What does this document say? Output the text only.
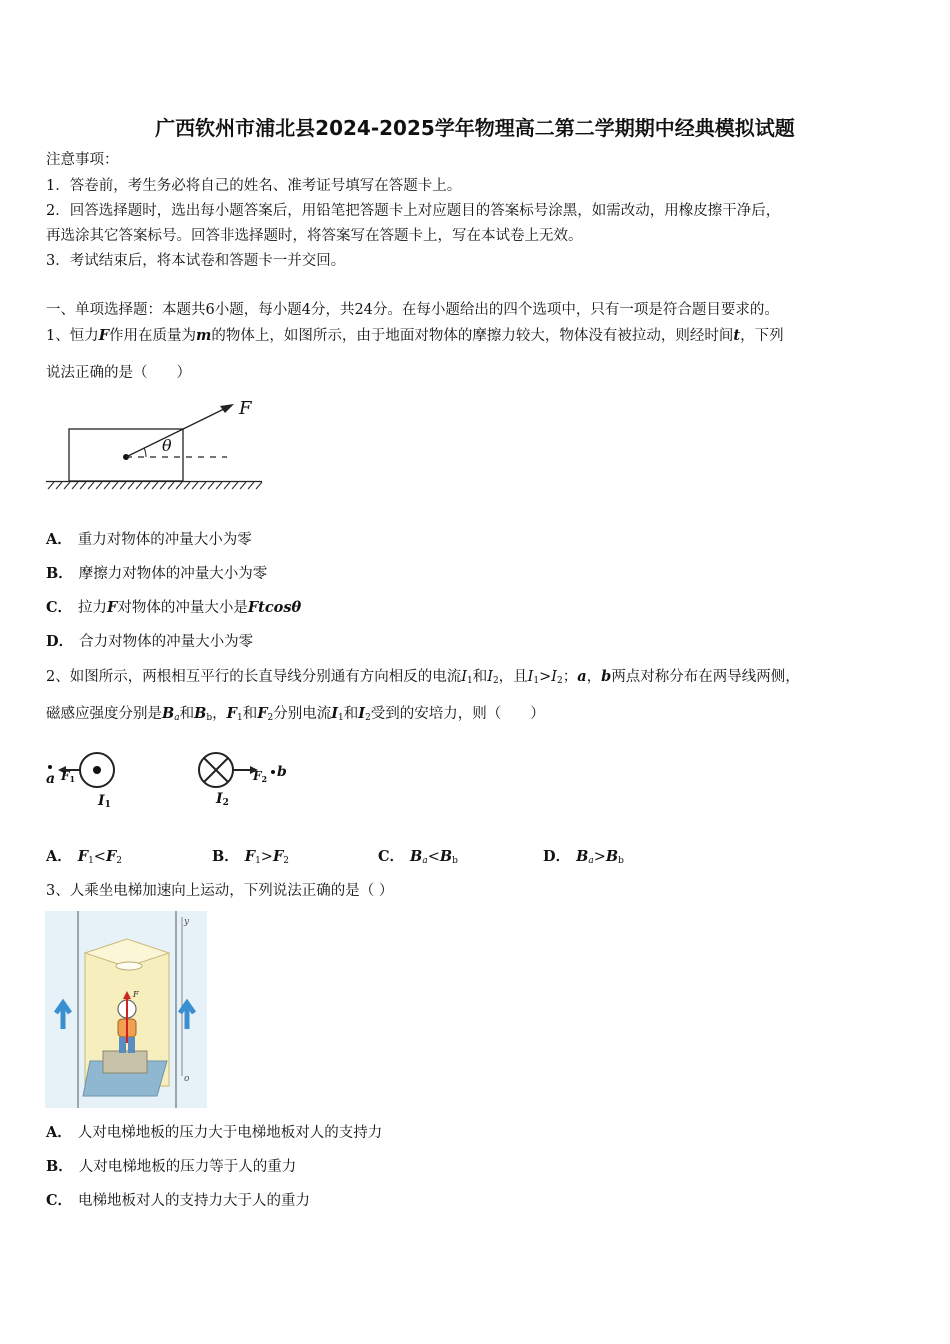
广西钦州市浦北县2024-2025学年物理高二第二学期期中经典模拟试题
注意事项：
1．答卷前，考生务必将自己的姓名、准考证号填写在答题卡上。
2．回答选择题时，选出每小题答案后，用铅笔把答题卡上对应题目的答案标号涂黑，如需改动，用橡皮擦干净后，
再选涂其它答案标号。回答非选择题时，将答案写在答题卡上，写在本试卷上无效。
3．考试结束后，将本试卷和答题卡一并交回。
一、单项选择题：本题共6小题，每小题4分，共24分。在每小题给出的四个选项中，只有一项是符合题目要求的。
1、恒力F作用在质量为m的物体上，如图所示，由于地面对物体的摩擦力较大，物体没有被拉动，则经时间t，下列
说法正确的是（　　）
θ
F
A． 重力对物体的冲量大小为零
B． 摩擦力对物体的冲量大小为零
C． 拉力F对物体的冲量大小是Ftcosθ
D． 合力对物体的冲量大小为零
2、如图所示，两根相互平行的长直导线分别通有方向相反的电流$I_1$和$I_2$，且$I_1>I_2$；a，b两点对称分布在两导线两侧，
磁感应强度分别是$B_a$和$B_b$，$F_1$和$F_2$分别电流$I_1$和$I_2$受到的安培力，则（　　）
a F1
I1
F2 b
I2
A． $F_1<F_2$	B． $F_1>F_2$	C． $B_a<B_b$	D． $B_a>B_b$
3、人乘坐电梯加速向上运动，下列说法正确的是（ ）
y
o
F
A． 人对电梯地板的压力大于电梯地板对人的支持力
B． 人对电梯地板的压力等于人的重力
C． 电梯地板对人的支持力大于人的重力
